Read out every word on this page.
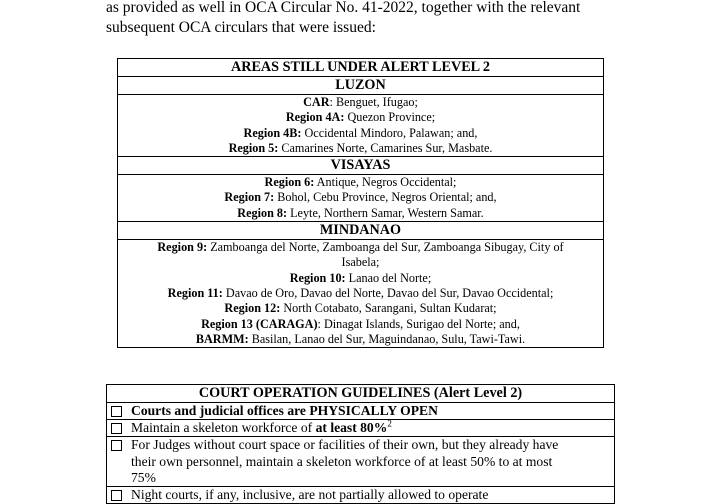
as provided as well in OCA Circular No. 41-2022, together with the relevant
subsequent OCA circulars that were issued:
AREAS STILL UNDER ALERT LEVEL 2
LUZON

CAR: Benguet, Ifugao;
Region 4A: Quezon Province;
Region 4B: Occidental Mindoro, Palawan; and,
Region 5: Camarines Norte, Camarines Sur, Masbate.

VISAYAS

Region 6: Antique, Negros Occidental;
Region 7: Bohol, Cebu Province, Negros Oriental; and,
Region 8: Leyte, Northern Samar, Western Samar.

MINDANAO

Region 9: Zamboanga del Norte, Zamboanga del Sur, Zamboanga Sibugay, City of
Isabela;
Region 10: Lanao del Norte;
Region 11: Davao de Oro, Davao del Norte, Davao del Sur, Davao Occidental;
Region 12: North Cotabato, Sarangani, Sultan Kudarat;
Region 13 (CARAGA): Dinagat Islands, Surigao del Norte; and,
BARMM: Basilan, Lanao del Sur, Maguindanao, Sulu, Tawi-Tawi.
COURT OPERATION GUIDELINES (Alert Level 2)

Courts and judicial offices are PHYSICALLY OPEN

Maintain a skeleton workforce of at least 80%$^2$

For Judges without court space or facilities of their own, but they already have
their own personnel, maintain a skeleton workforce of at least 50% to at most
75%

Night courts, if any, inclusive, are not partially allowed to operate
